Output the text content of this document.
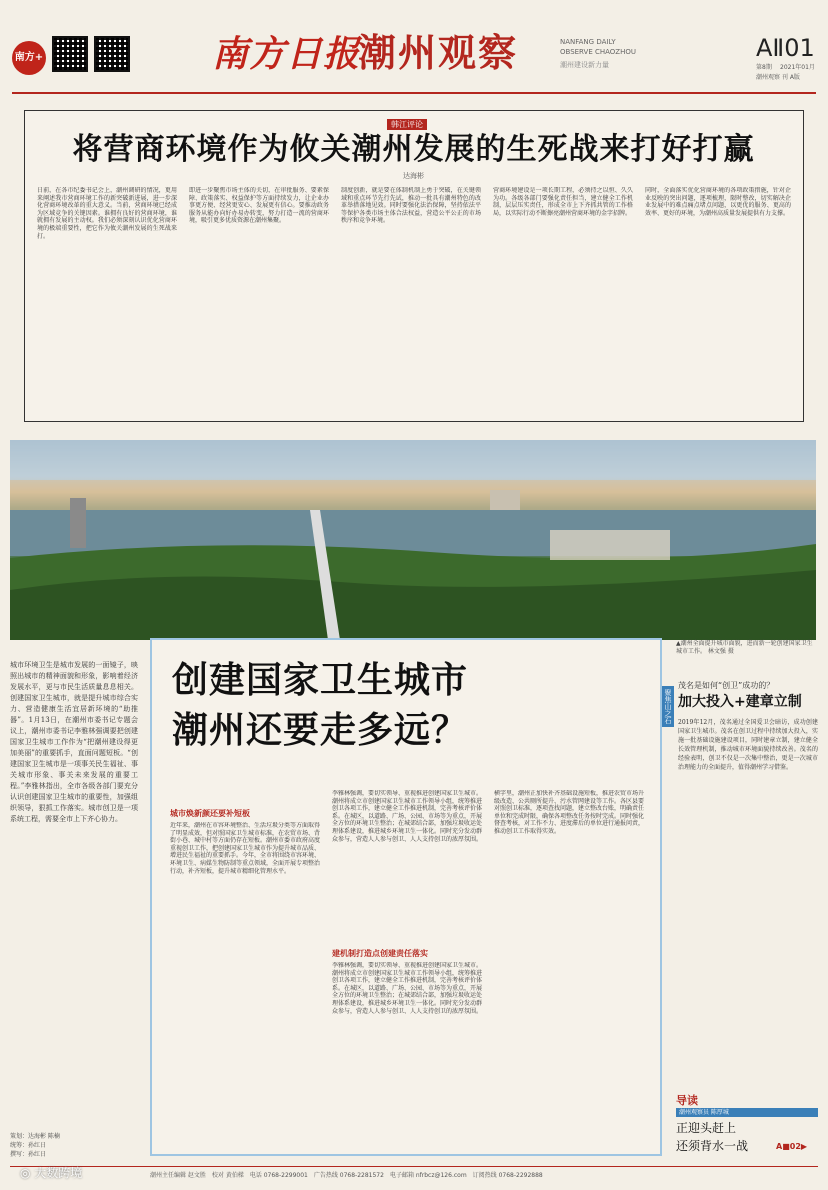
南方+	南方日报
潮州观察	NANFANG DAILY
OBSERVE CHAOZHOU
潮州建设新力量
AⅡ01
第8期 2021年01月
潮州观察 刊 A版
韩江评论
将营商环境作为攸关潮州发展的生死战来打好打赢
达海彬
日前，在各市纪委书记会上，潮州调研的情况，更用来阐述我市营商环境工作的新突破新进展，进一步深化营商环境改革的重大意义。当前，营商环境已经成为区域竞争的关键因素。谁拥有良好的营商环境，谁就拥有发展的主动权。我们必须深刻认识优化营商环境的极端重要性，把它作为攸关潮州发展的生死战来打。
即进一步聚焦市场主体的关切，在审批服务、要素保障、政策落实、权益保护等方面持续发力，让企业办事更方便、经营更安心、发展更有信心。要推动政务服务从能办向好办易办转变，努力打造一流的营商环境，吸引更多优质资源在潮州集聚。
制度创新，就是要在体制机制上勇于突破，在关键领域和重点环节先行先试，推动一批具有潮州特色的改革举措落地见效。同时要强化法治保障，坚持依法平等保护各类市场主体合法权益，营造公平公正的市场秩序和竞争环境。
营商环境建设是一项长期工程，必须持之以恒、久久为功。各级各部门要强化责任担当，建立健全工作机制，层层压实责任，形成全市上下齐抓共管的工作格局，以实际行动不断擦亮潮州营商环境的金字招牌。
同时，全面落实优化营商环境的各项政策措施，针对企业反映的突出问题，逐项梳理，限时整改，切实解决企业发展中的难点痛点堵点问题，以更优的服务、更高的效率、更好的环境，为潮州高质量发展提供有力支撑。
▲潮州全面提升城市面貌，进而新一轮创建国家卫生城市工作。 林文强 摄
城市环境卫生是城市发展的一面镜子，映照出城市的精神面貌和形象，影响着经济发展水平，更与市民生活质量息息相关。创建国家卫生城市，就是提升城市综合实力、营造健康生活宜居新环境的“助推器”。1月13日，在潮州市委书记专题会议上，潮州市委书记李雅林强调要把创建国家卫生城市工作作为“把潮州建设得更加美丽”的重要抓手，直面问题短板。“创建国家卫生城市是一项事关民生福祉、事关城市形象、事关未来发展的重要工程。”李雅林指出，全市各级各部门要充分认识创建国家卫生城市的重要性，加强组织领导，狠抓工作落实。城市创卫是一项系统工程，需要全市上下齐心协力。
策划：达海彬 陈楠
统筹：孙红日
撰写：孙红日
创建国家卫生城市
潮州还要走多远？
城市焕新颜还要补短板
近年来，潮州在市容环境整治、生活垃圾分类等方面取得了明显成效，但对照国家卫生城市标准，在农贸市场、背街小巷、城中村等方面仍存在短板。潮州市委市政府高度重视创卫工作，把创建国家卫生城市作为提升城市品质、增进民生福祉的重要抓手。今年，全市将围绕市容环境、环境卫生、病媒生物防制等重点领域，全面开展专项整治行动，补齐短板，提升城市精细化管理水平。
李雅林强调，要切实领导、重视推进创建国家卫生城市。潮州将成立市创建国家卫生城市工作领导小组，统筹推进创卫各项工作，建立健全工作推进机制，完善考核评价体系。在城区，以道路、广场、公园、市场等为重点，开展全方位的环境卫生整治；在城郊结合部，加强垃圾收运处理体系建设，推进城乡环境卫生一体化。同时充分发动群众参与，营造人人参与创卫、人人支持创卫的浓厚氛围。
建机制打造点创建责任落实
李雅林强调，要切实领导、重视推进创建国家卫生城市。潮州将成立市创建国家卫生城市工作领导小组，统筹推进创卫各项工作，建立健全工作推进机制，完善考核评价体系。在城区，以道路、广场、公园、市场等为重点，开展全方位的环境卫生整治；在城郊结合部，加强垃圾收运处理体系建设，推进城乡环境卫生一体化。同时充分发动群众参与，营造人人参与创卫、人人支持创卫的浓厚氛围。
横字里，潮州正加快补齐基础设施短板，推进农贸市场升级改造、公共厕所提升、污水管网建设等工作。各区县要对照创卫标准，逐项查找问题，建立整改台账，明确责任单位和完成时限，确保各项整改任务按时完成。同时强化督查考核，对工作不力、进度滞后的单位进行通报问责，推动创卫工作取得实效。
聚焦山之石
茂名是如何“创卫”成功的？
加大投入+建章立制
2019年12月，茂名通过全国爱卫会暗访，成功创建国家卫生城市。茂名在创卫过程中持续加大投入，实施一批基础设施建设项目，同时建章立制，建立健全长效管理机制，推动城市环境面貌持续改善。茂名的经验表明，创卫不仅是一次集中整治，更是一次城市治理能力的全面提升，值得潮州学习借鉴。
导读
潮州观察员 陈厚城
正迎头赶上
还须背水一战	A■02▶
潮州主任编辑 赵文胜　校对 黄伯樑　电话 0768-2299001　广告热线 0768-2281572　电子邮箱 nfrbcz@126.com　订阅热线 0768-2292888
◎ 大数跨境
